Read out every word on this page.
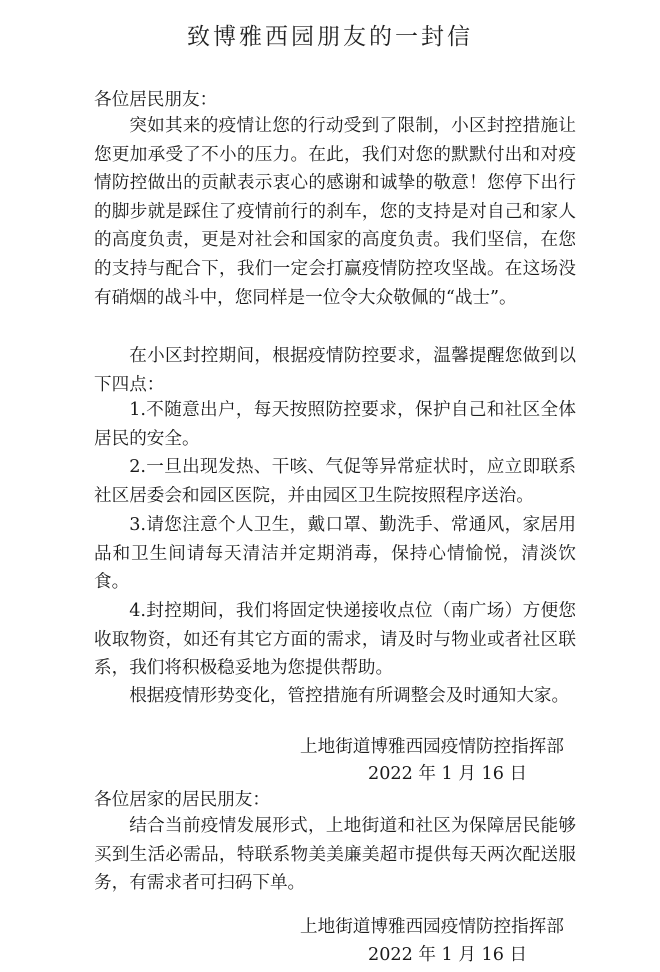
致博雅西园朋友的一封信
各位居民朋友：

突如其来的疫情让您的行动受到了限制，小区封控措施让您更加承受了不小的压力。在此，我们对您的默默付出和对疫情防控做出的贡献表示衷心的感谢和诚挚的敬意！您停下出行的脚步就是踩住了疫情前行的刹车，您的支持是对自己和家人的高度负责，更是对社会和国家的高度负责。我们坚信，在您的支持与配合下，我们一定会打赢疫情防控攻坚战。在这场没有硝烟的战斗中，您同样是一位令大众敬佩的“战士”。

在小区封控期间，根据疫情防控要求，温馨提醒您做到以下四点：

1.不随意出户，每天按照防控要求，保护自己和社区全体居民的安全。

2.一旦出现发热、干咳、气促等异常症状时，应立即联系社区居委会和园区医院，并由园区卫生院按照程序送治。

3.请您注意个人卫生，戴口罩、勤洗手、常通风，家居用品和卫生间请每天清洁并定期消毒，保持心情愉悦，清淡饮食。

4.封控期间，我们将固定快递接收点位（南广场）方便您收取物资，如还有其它方面的需求，请及时与物业或者社区联系，我们将积极稳妥地为您提供帮助。

根据疫情形势变化，管控措施有所调整会及时通知大家。

上地街道博雅西园疫情防控指挥部
2022 年 1 月 16 日
各位居家的居民朋友：

结合当前疫情发展形式，上地街道和社区为保障居民能够买到生活必需品，特联系物美美廉美超市提供每天两次配送服务，有需求者可扫码下单。

上地街道博雅西园疫情防控指挥部
2022 年 1 月 16 日
